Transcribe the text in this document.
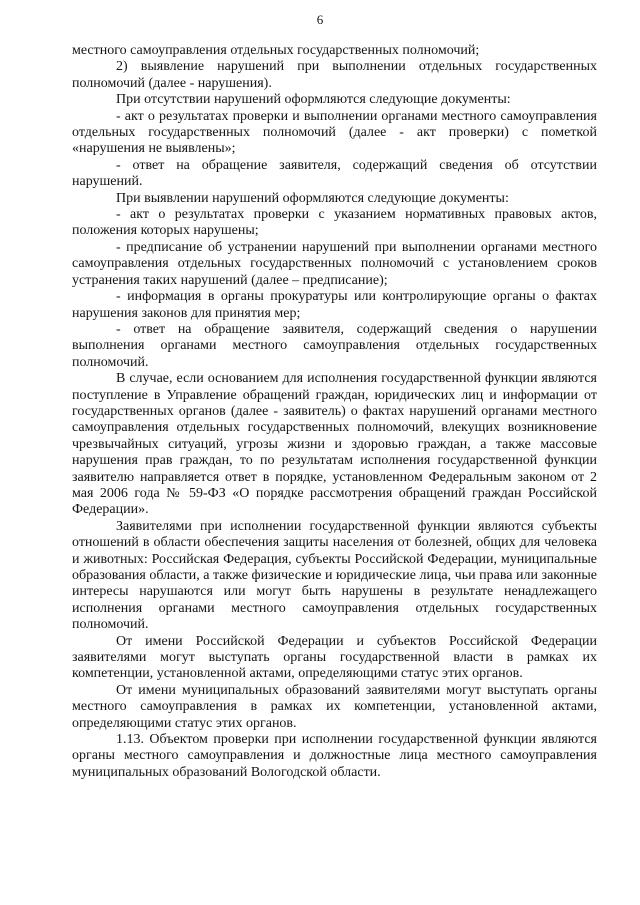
6

местного самоуправления отдельных государственных полномочий;

2) выявление нарушений при выполнении отдельных государственных полномочий (далее - нарушения).

При отсутствии нарушений оформляются следующие документы:

- акт о результатах проверки и выполнении органами местного самоуправления отдельных государственных полномочий (далее - акт проверки) с пометкой «нарушения не выявлены»;

- ответ на обращение заявителя, содержащий сведения об отсутствии нарушений.

При выявлении нарушений оформляются следующие документы:

- акт о результатах проверки с указанием нормативных правовых актов, положения которых нарушены;

- предписание об устранении нарушений при выполнении органами местного самоуправления отдельных государственных полномочий с установлением сроков устранения таких нарушений (далее – предписание);

- информация в органы прокуратуры или контролирующие органы о фактах нарушения законов для принятия мер;

- ответ на обращение заявителя, содержащий сведения о нарушении выполнения органами местного самоуправления отдельных государственных полномочий.

В случае, если основанием для исполнения государственной функции являются поступление в Управление обращений граждан, юридических лиц и информации от государственных органов (далее - заявитель) о фактах нарушений органами местного самоуправления отдельных государственных полномочий, влекущих возникновение чрезвычайных ситуаций, угрозы жизни и здоровью граждан, а также массовые нарушения прав граждан, то по результатам исполнения государственной функции заявителю направляется ответ в порядке, установленном Федеральным законом от 2 мая 2006 года № 59-ФЗ «О порядке рассмотрения обращений граждан Российской Федерации».

Заявителями при исполнении государственной функции являются субъекты отношений в области обеспечения защиты населения от болезней, общих для человека и животных: Российская Федерация, субъекты Российской Федерации, муниципальные образования области, а также физические и юридические лица, чьи права или законные интересы нарушаются или могут быть нарушены в результате ненадлежащего исполнения органами местного самоуправления отдельных государственных полномочий.

От имени Российской Федерации и субъектов Российской Федерации заявителями могут выступать органы государственной власти в рамках их компетенции, установленной актами, определяющими статус этих органов.

От имени муниципальных образований заявителями могут выступать органы местного самоуправления в рамках их компетенции, установленной актами, определяющими статус этих органов.

1.13. Объектом проверки при исполнении государственной функции являются органы местного самоуправления и должностные лица местного самоуправления муниципальных образований Вологодской области.
